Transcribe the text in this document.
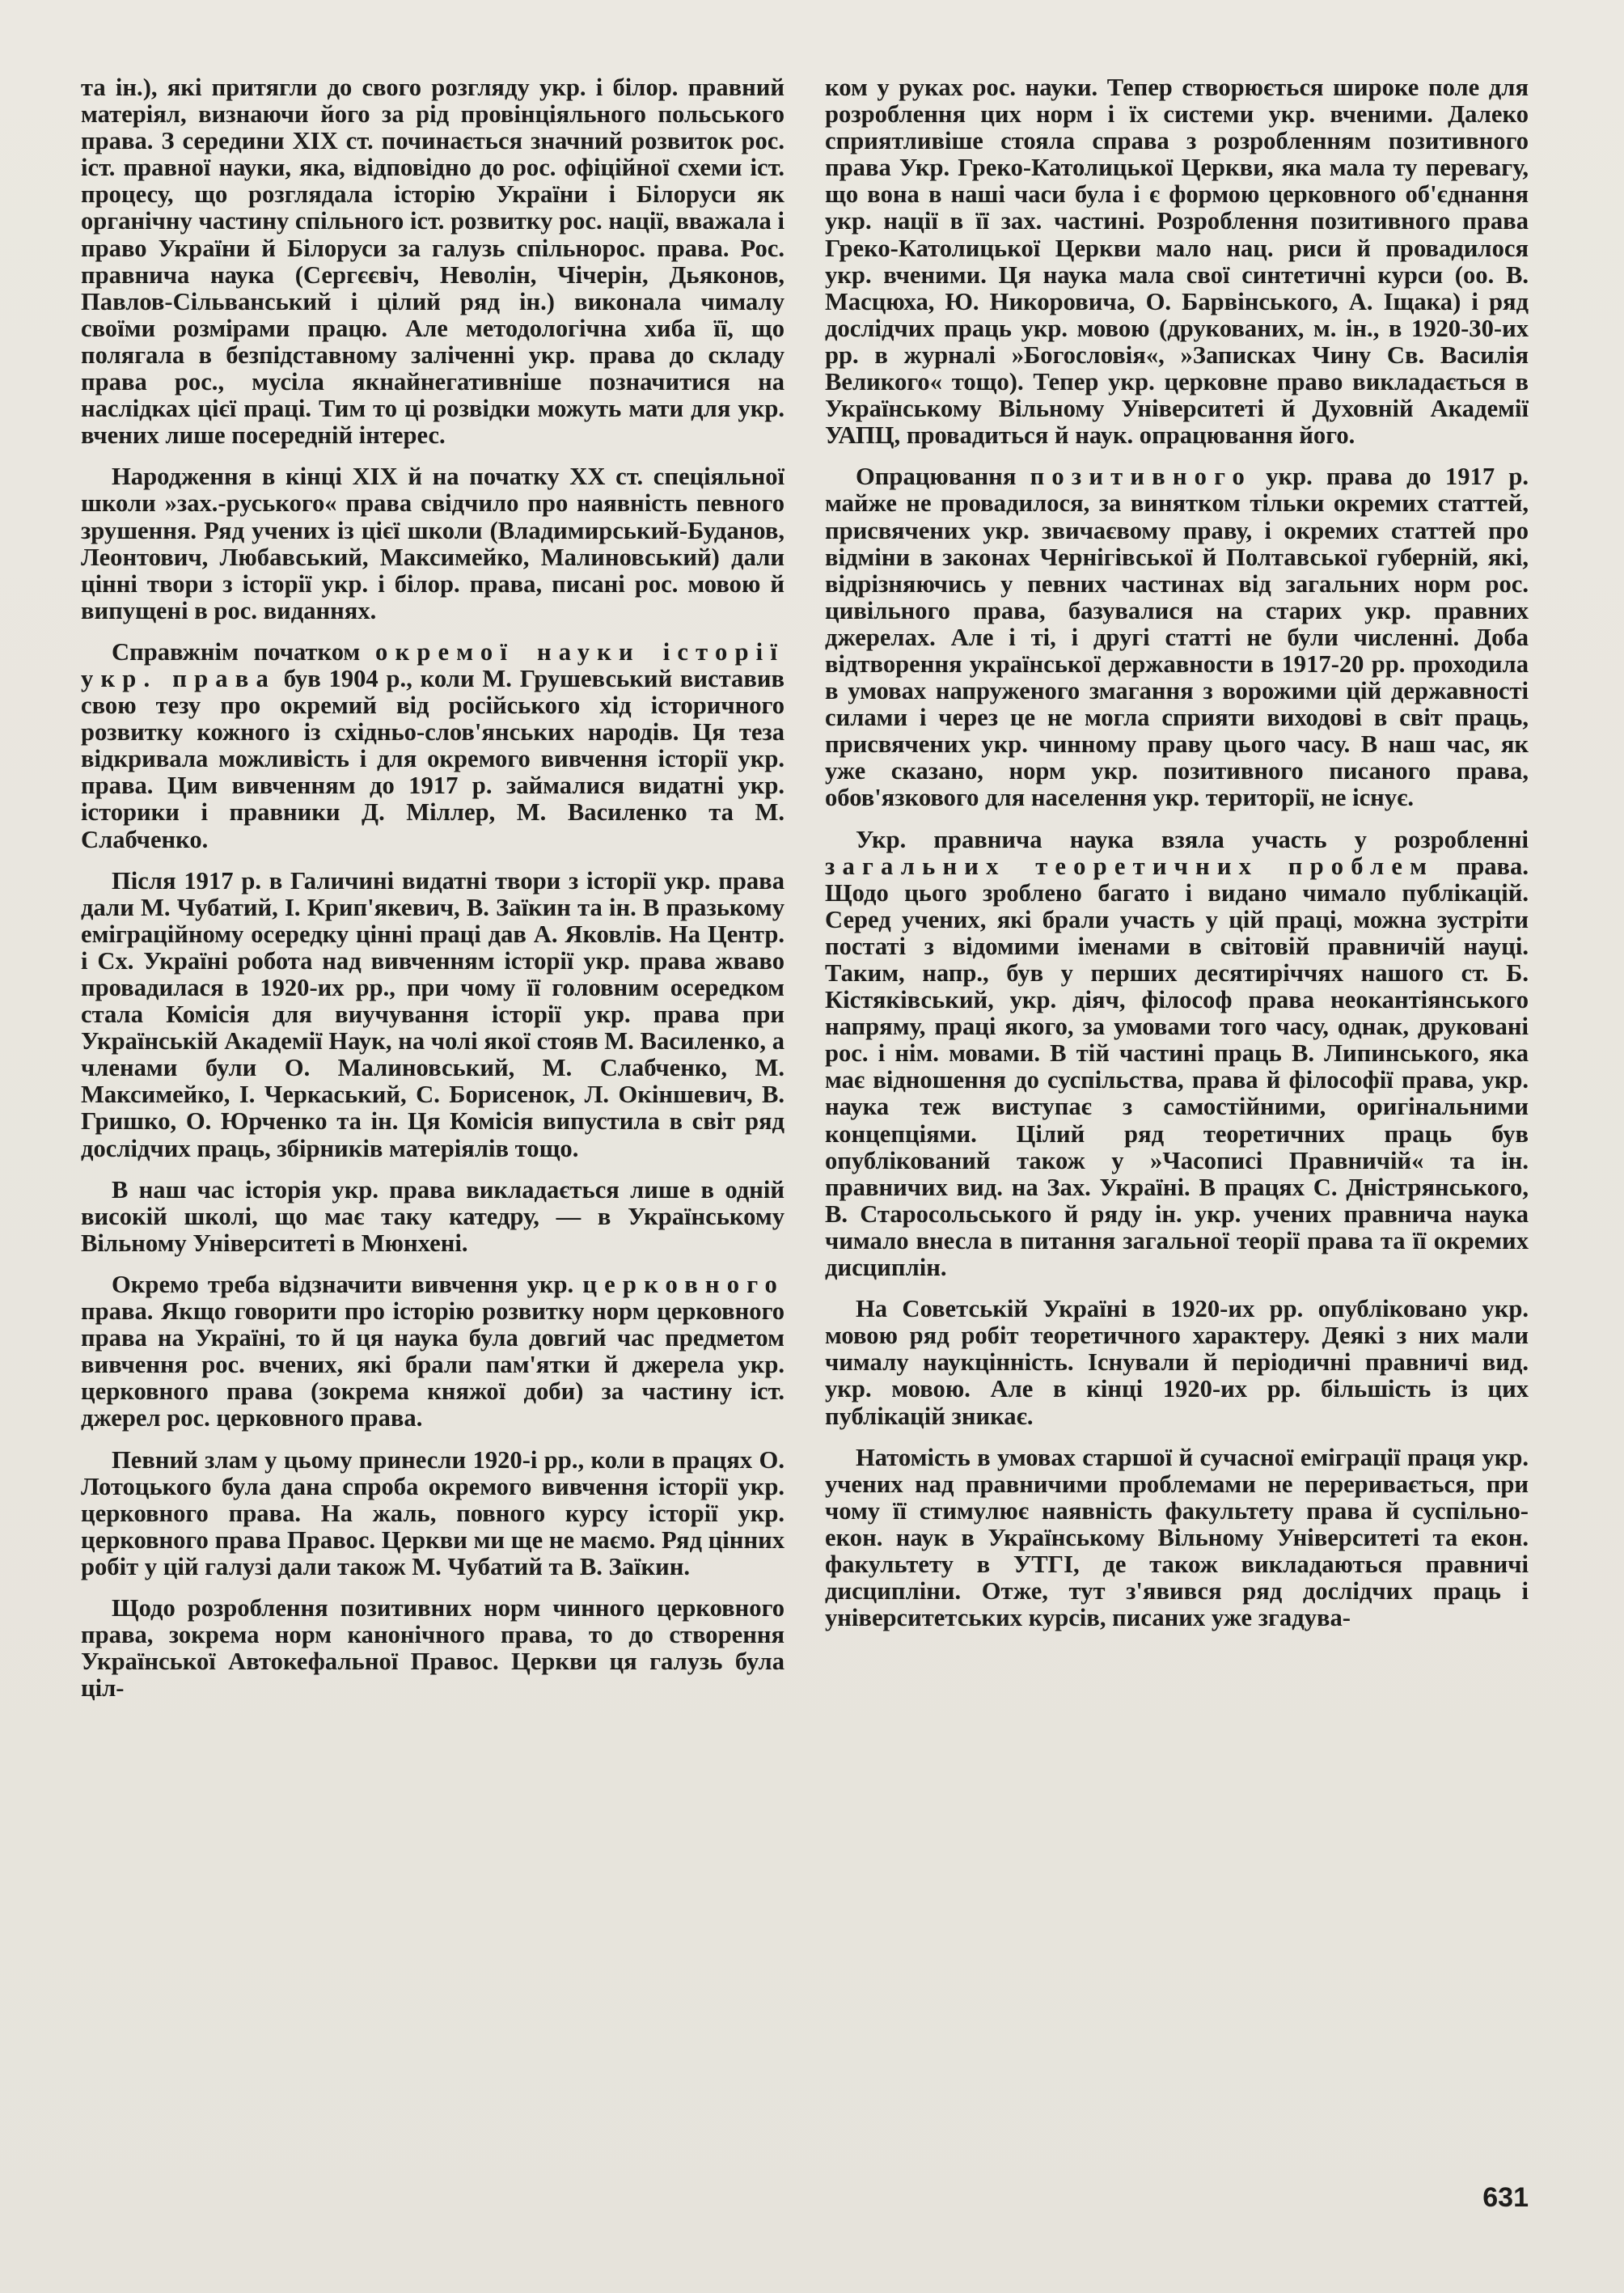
та ін.), які притягли до свого розгляду укр. і білор. правний матеріял, визнаючи його за рід провінціяльного польського права. З середини XIX ст. починається значний розвиток рос. іст. правної науки, яка, відповідно до рос. офіційної схеми іст. процесу, що розглядала історію України і Білоруси як органічну частину спільного іст. розвитку рос. нації, вважала і право України й Білоруси за галузь спільнорос. права. Рос. правнича наука (Сергєєвіч, Неволін, Чічерін, Дьяконов, Павлов-Сільванський і цілий ряд ін.) виконала чималу своїми розмірами працю. Але методологічна хиба її, що полягала в безпідставному заліченні укр. права до складу права рос., мусіла якнайнегативніше позначитися на наслідках цієї праці. Тим то ці розвідки можуть мати для укр. вчених лише посередній інтерес.

Народження в кінці XIX й на початку XX ст. спеціяльної школи »зах.-руського« права свідчило про наявність певного зрушення. Ряд учених із цієї школи (Владимирський-Буданов, Леонтович, Любавський, Максимейко, Малиновський) дали цінні твори з історії укр. і білор. права, писані рос. мовою й випущені в рос. виданнях.

Справжнім початком окремої науки історії укр. права був 1904 р., коли М. Грушевський виставив свою тезу про окремий від російського хід історичного розвитку кожного із східньо-слов'янських народів. Ця теза відкривала можливість і для окремого вивчення історії укр. права. Цим вивченням до 1917 р. займалися видатні укр. історики і правники Д. Міллер, М. Василенко та М. Слабченко.

Після 1917 р. в Галичині видатні твори з історії укр. права дали М. Чубатий, І. Крип'якевич, В. Заїкин та ін. В празькому еміграційному осередку цінні праці дав А. Яковлів. На Центр. і Сх. Україні робота над вивченням історії укр. права жваво провадилася в 1920-их рр., при чому її головним осередком стала Комісія для виучування історії укр. права при Українській Академії Наук, на чолі якої стояв М. Василенко, а членами були О. Малиновський, М. Слабченко, М. Максимейко, І. Черкаський, С. Борисенок, Л. Окіншевич, В. Гришко, О. Юрченко та ін. Ця Комісія випустила в світ ряд дослідчих праць, збірників матеріялів тощо.

В наш час історія укр. права викладається лише в одній високій школі, що має таку катедру, — в Українському Вільному Університеті в Мюнхені.

Окремо треба відзначити вивчення укр. церковного права. Якщо говорити про історію розвитку норм церковного права на Україні, то й ця наука була довгий час предметом вивчення рос. вчених, які брали пам'ятки й джерела укр. церковного права (зокрема княжої доби) за частину іст. джерел рос. церковного права.

Певний злам у цьому принесли 1920-і рр., коли в працях О. Лотоцького була дана спроба окремого вивчення історії укр. церковного права. На жаль, повного курсу історії укр. церковного права Правос. Церкви ми ще не маємо. Ряд цінних робіт у цій галузі дали також М. Чубатий та В. Заїкин.

Щодо розроблення позитивних норм чинного церковного права, зокрема норм канонічного права, то до створення Української Автокефальної Правос. Церкви ця галузь була ціл-

ком у руках рос. науки. Тепер створюється широке поле для розроблення цих норм і їх системи укр. вченими. Далеко сприятливіше стояла справа з розробленням позитивного права Укр. Греко-Католицької Церкви, яка мала ту перевагу, що вона в наші часи була і є формою церковного об'єднання укр. нації в її зах. частині. Розроблення позитивного права Греко-Католицької Церкви мало нац. риси й провадилося укр. вченими. Ця наука мала свої синтетичні курси (оо. В. Масцюха, Ю. Никоровича, О. Барвінського, А. Іщака) і ряд дослідчих праць укр. мовою (друкованих, м. ін., в 1920-30-их рр. в журналі »Богословія«, »Записках Чину Св. Василія Великого« тощо). Тепер укр. церковне право викладається в Українському Вільному Університеті й Духовній Академії УАПЦ, провадиться й наук. опрацювання його.

Опрацювання позитивного укр. права до 1917 р. майже не провадилося, за винятком тільки окремих статтей, присвячених укр. звичаєвому праву, і окремих статтей про відміни в законах Чернігівської й Полтавської губерній, які, відрізняючись у певних частинах від загальних норм рос. цивільного права, базувалися на старих укр. правних джерелах. Але і ті, і другі статті не були численні. Доба відтворення української державности в 1917-20 рр. проходила в умовах напруженого змагання з ворожими цій державності силами і через це не могла сприяти виходові в світ праць, присвячених укр. чинному праву цього часу. В наш час, як уже сказано, норм укр. позитивного писаного права, обов'язкового для населення укр. території, не існує.

Укр. правнича наука взяла участь у розробленні загальних теоретичних проблем права. Щодо цього зроблено багато і видано чимало публікацій. Серед учених, які брали участь у цій праці, можна зустріти постаті з відомими іменами в світовій правничій науці. Таким, напр., був у перших десятиріччях нашого ст. Б. Кістяківський, укр. діяч, філософ права неокантіянського напряму, праці якого, за умовами того часу, однак, друковані рос. і нім. мовами. В тій частині праць В. Липинського, яка має відношення до суспільства, права й філософії права, укр. наука теж виступає з самостійними, оригінальними концепціями. Цілий ряд теоретичних праць був опублікований також у »Часописі Правничій« та ін. правничих вид. на Зах. Україні. В працях С. Дністрянського, В. Старосольського й ряду ін. укр. учених правнича наука чимало внесла в питання загальної теорії права та її окремих дисциплін.

На Советській Україні в 1920-их рр. опубліковано укр. мовою ряд робіт теоретичного характеру. Деякі з них мали чималу наукцінність. Існували й періодичні правничі вид. укр. мовою. Але в кінці 1920-их рр. більшість із цих публікацій зникає.

Натомість в умовах старшої й сучасної еміграції праця укр. учених над правничими проблемами не переривається, при чому її стимулює наявність факультету права й суспільно-екон. наук в Українському Вільному Університеті та екон. факультету в УТГІ, де також викладаються правничі дисципліни. Отже, тут з'явився ряд дослідчих праць і університетських курсів, писаних уже згадува-

631
